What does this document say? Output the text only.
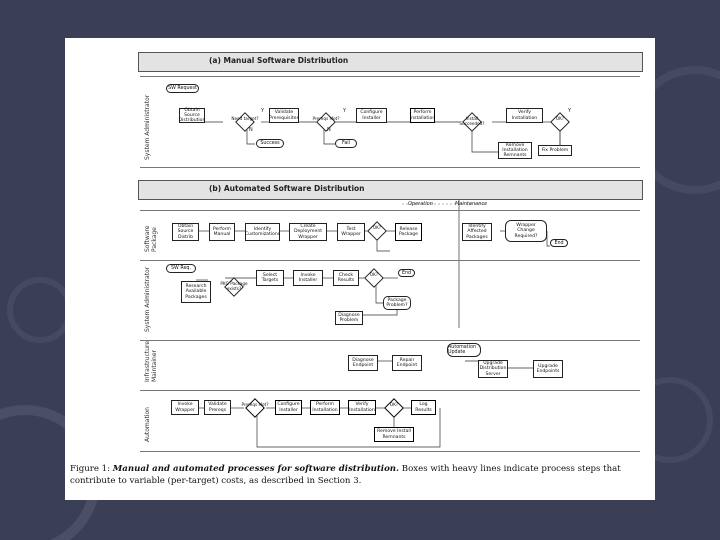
(a) Manual Software Distribution
System Administrator
SW Request
Obtain Source Distribution	Need target?
Validate Prerequisites	Prereqs Met?
Configure Installer
Perform Installation	Install Succeeded?
Verify Installation	OK?
Success	Fail	Remove Installation Remnants
Fix Problem
Y	Y
N	N
Y
(b) Automated Software Distribution
Operation	Maintenance
Software Package
System Administrator
Infrastructure Maintainer
Automation
Obtain Source Distrib
Perform Manual
Identify Customizations
Create Deployment Wrapper
Test Wrapper
OK?	Release Package
Identify Affected Packages
Wrapper Change Required?
End
SW Req.
Research Available Packages
PKG Package exists?
Select Targets
Invoke Installer
Check Results
OK?	End
Package Problem?
Diagnose Problem
Diagnose Endpoint
Repair Endpoint
Automation Update
Upgrade Distribution Server
Upgrade Endpoints
Invoke Wrapper
Validate Prereqs
Prereqs Met?	Configure Installer
Perform Installation
Verify Installation
OK?	Log Results
Remove Install Remnants
Figure 1: Manual and automated processes for software distribution. Boxes with heavy lines indicate process steps that contribute to variable (per-target) costs, as described in Section 3.
